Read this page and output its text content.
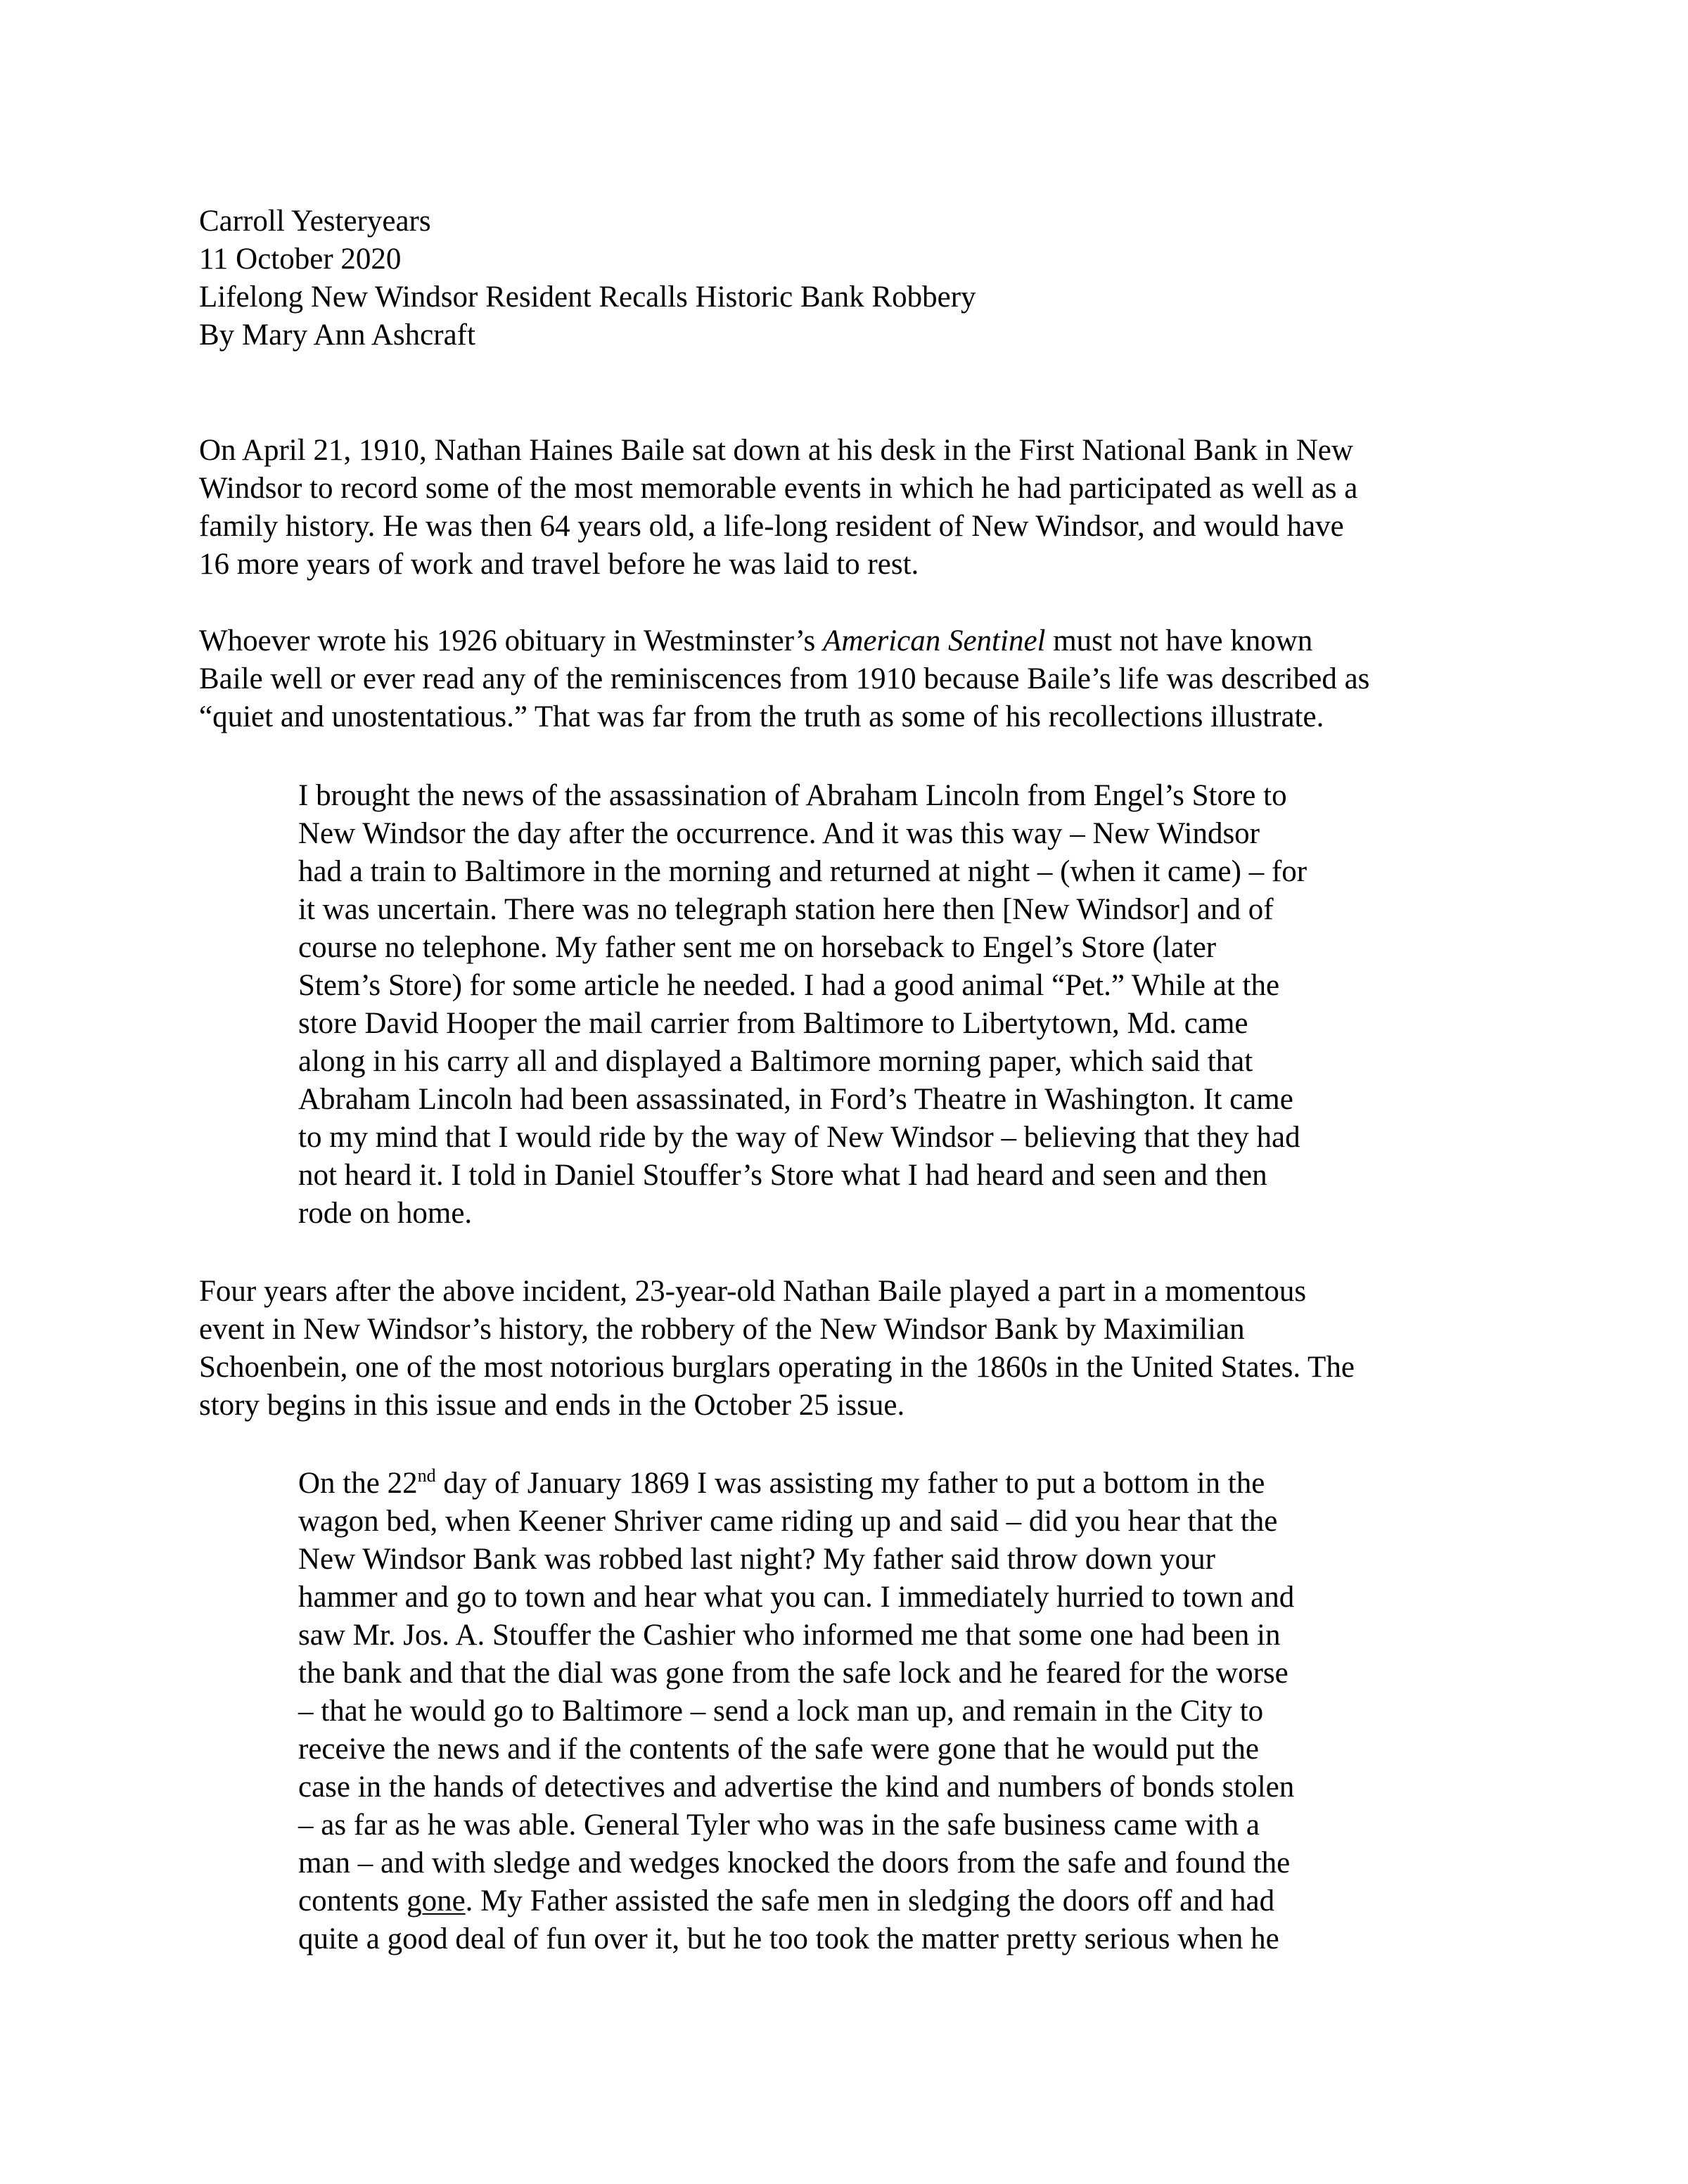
Carroll Yesteryears
11 October 2020
Lifelong New Windsor Resident Recalls Historic Bank Robbery
By Mary Ann Ashcraft

On April 21, 1910, Nathan Haines Baile sat down at his desk in the First National Bank in New
Windsor to record some of the most memorable events in which he had participated as well as a
family history. He was then 64 years old, a life-long resident of New Windsor, and would have
16 more years of work and travel before he was laid to rest.

Whoever wrote his 1926 obituary in Westminster’s American Sentinel must not have known
Baile well or ever read any of the reminiscences from 1910 because Baile’s life was described as
“quiet and unostentatious.” That was far from the truth as some of his recollections illustrate.

I brought the news of the assassination of Abraham Lincoln from Engel’s Store to
New Windsor the day after the occurrence. And it was this way – New Windsor
had a train to Baltimore in the morning and returned at night – (when it came) – for
it was uncertain. There was no telegraph station here then [New Windsor] and of
course no telephone. My father sent me on horseback to Engel’s Store (later
Stem’s Store) for some article he needed. I had a good animal “Pet.” While at the
store David Hooper the mail carrier from Baltimore to Libertytown, Md. came
along in his carry all and displayed a Baltimore morning paper, which said that
Abraham Lincoln had been assassinated, in Ford’s Theatre in Washington. It came
to my mind that I would ride by the way of New Windsor – believing that they had
not heard it. I told in Daniel Stouffer’s Store what I had heard and seen and then
rode on home.

Four years after the above incident, 23-year-old Nathan Baile played a part in a momentous
event in New Windsor’s history, the robbery of the New Windsor Bank by Maximilian
Schoenbein, one of the most notorious burglars operating in the 1860s in the United States. The
story begins in this issue and ends in the October 25 issue.

On the 22nd day of January 1869 I was assisting my father to put a bottom in the
wagon bed, when Keener Shriver came riding up and said – did you hear that the
New Windsor Bank was robbed last night? My father said throw down your
hammer and go to town and hear what you can. I immediately hurried to town and
saw Mr. Jos. A. Stouffer the Cashier who informed me that some one had been in
the bank and that the dial was gone from the safe lock and he feared for the worse
– that he would go to Baltimore – send a lock man up, and remain in the City to
receive the news and if the contents of the safe were gone that he would put the
case in the hands of detectives and advertise the kind and numbers of bonds stolen
– as far as he was able. General Tyler who was in the safe business came with a
man – and with sledge and wedges knocked the doors from the safe and found the
contents gone. My Father assisted the safe men in sledging the doors off and had
quite a good deal of fun over it, but he too took the matter pretty serious when he
